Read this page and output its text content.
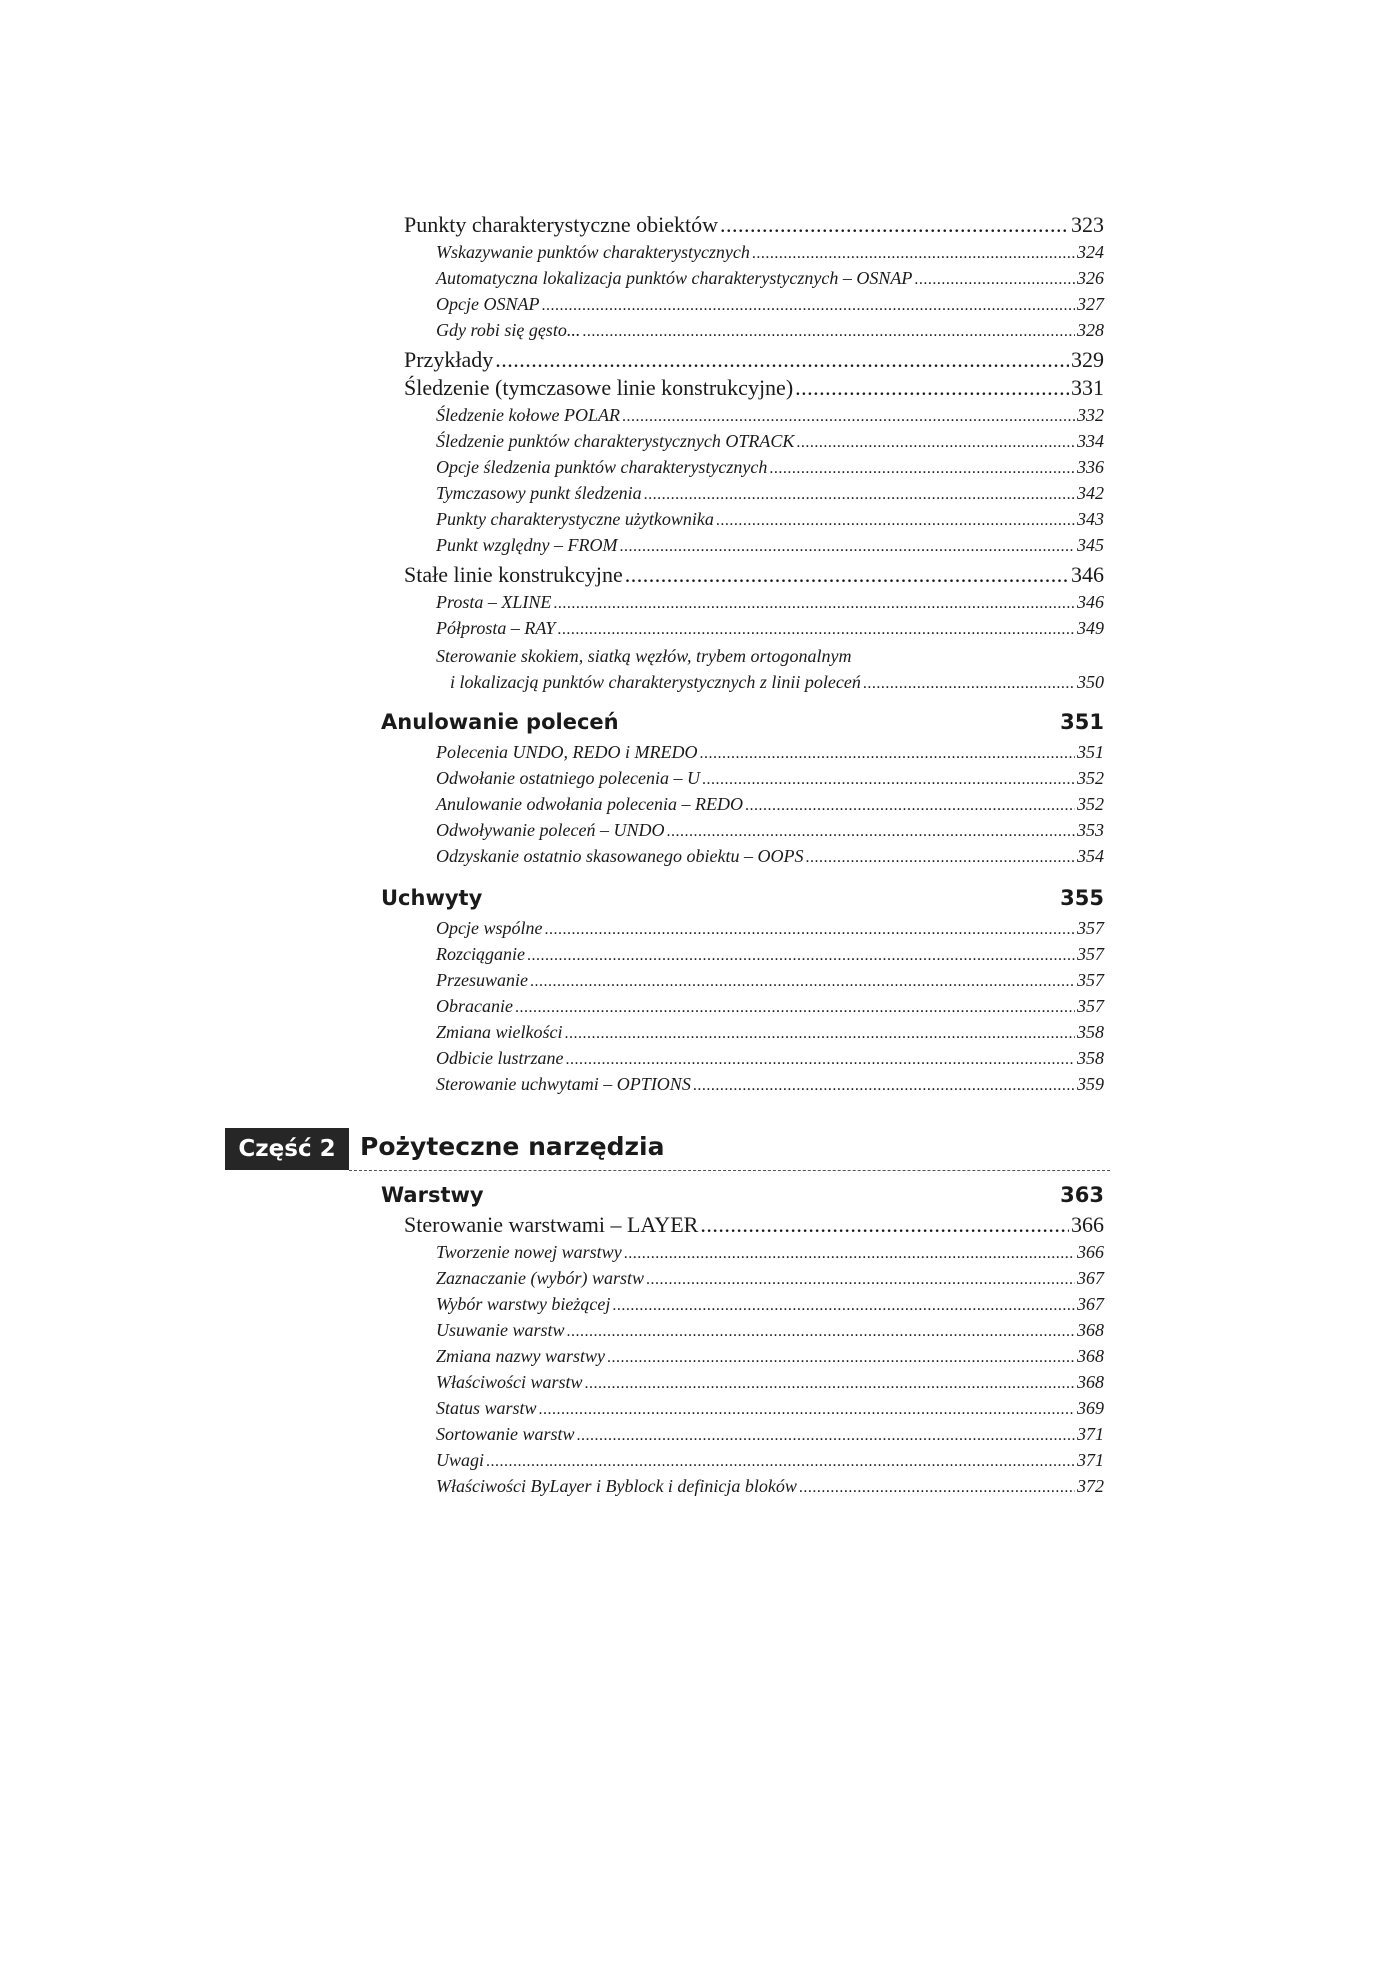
Punkty charakterystyczne obiektów .....	323
Wskazywanie punktów charakterystycznych .....	324
Automatyczna lokalizacja punktów charakterystycznych – OSNAP .....	326
Opcje OSNAP .....	327
Gdy robi się gęsto... .....	328
Przykłady .....	329
Śledzenie (tymczasowe linie konstrukcyjne) .....	331
Śledzenie kołowe POLAR .....	332
Śledzenie punktów charakterystycznych OTRACK .....	334
Opcje śledzenia punktów charakterystycznych .....	336
Tymczasowy punkt śledzenia .....	342
Punkty charakterystyczne użytkownika .....	343
Punkt względny – FROM .....	345
Stałe linie konstrukcyjne .....	346
Prosta – XLINE .....	346
Półprosta – RAY .....	349
Sterowanie skokiem, siatką węzłów, trybem ortogonalnym
i lokalizacją punktów charakterystycznych z linii poleceń .....	350
Anulowanie poleceń	351
Polecenia UNDO, REDO i MREDO .....	351
Odwołanie ostatniego polecenia – U .....	352
Anulowanie odwołania polecenia – REDO .....	352
Odwoływanie poleceń – UNDO .....	353
Odzyskanie ostatnio skasowanego obiektu – OOPS .....	354
Uchwyty	355
Opcje wspólne .....	357
Rozciąganie .....	357
Przesuwanie .....	357
Obracanie .....	357
Zmiana wielkości .....	358
Odbicie lustrzane .....	358
Sterowanie uchwytami – OPTIONS .....	359
Część 2 Pożyteczne narzędzia
Warstwy	363
Sterowanie warstwami – LAYER .....	366
Tworzenie nowej warstwy .....	366
Zaznaczanie (wybór) warstw .....	367
Wybór warstwy bieżącej .....	367
Usuwanie warstw .....	368
Zmiana nazwy warstwy .....	368
Właściwości warstw .....	368
Status warstw .....	369
Sortowanie warstw .....	371
Uwagi .....	371
Właściwości ByLayer i Byblock i definicja bloków .....	372
